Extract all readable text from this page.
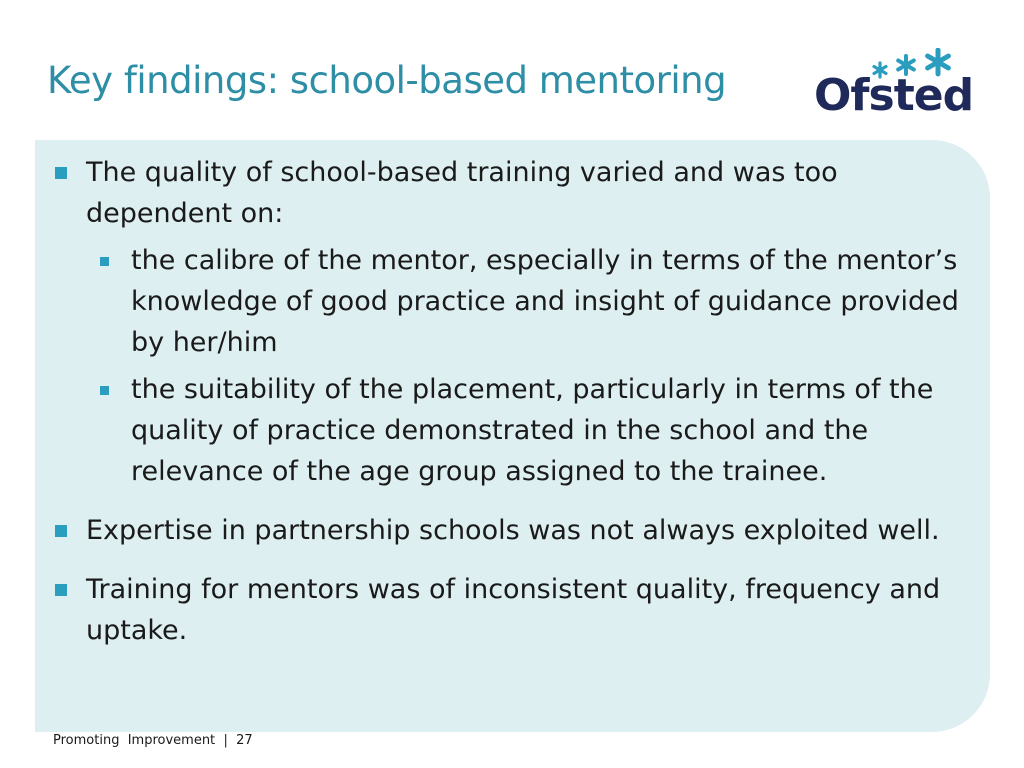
Key findings: school-based mentoring Ofsted
The quality of school-based training varied and was too dependent on:
the calibre of the mentor, especially in terms of the mentor’s knowledge of good practice and insight of guidance provided by her/him
the suitability of the placement, particularly in terms of the quality of practice demonstrated in the school and the relevance of the age group assigned to the trainee.
Expertise in partnership schools was not always exploited well.
Training for mentors was of inconsistent quality, frequency and uptake.
Promoting  Improvement | 27
